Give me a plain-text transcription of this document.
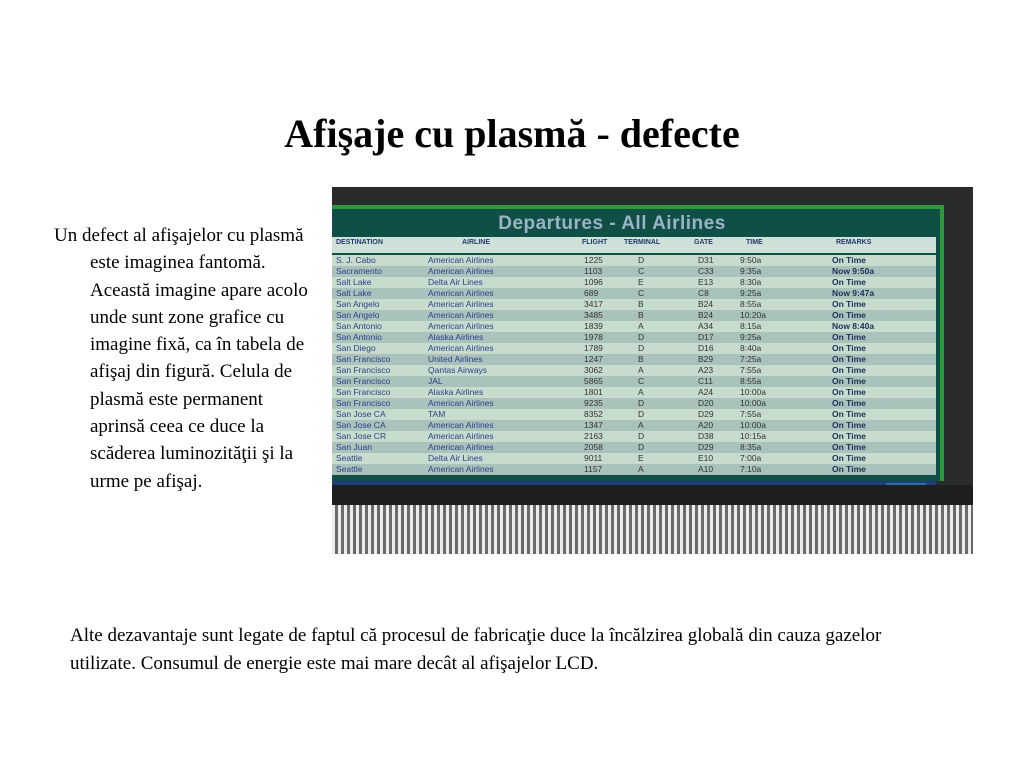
Afişaje cu plasmă - defecte
Un defect al afişajelor cu plasmă este imaginea fantomă. Această imagine apare acolo unde sunt zone grafice cu imagine fixă, ca în tabela de afişaj din figură. Celula de plasmă este permanent aprinsă ceea ce duce la scăderea luminozităţii şi la urme pe afişaj.
Departures - All Airlines
DESTINATION	AIRLINE	FLIGHT TERMINAL	GATE	TIME	REMARKS
S. J. Cabo	American Airlines	1225	D	D31	9:50a	On Time
Sacramento	American Airlines	1103	C	C33	9:35a	Now 9:50a
Salt Lake	Delta Air Lines	1096	E	E13	8:30a	On Time
Salt Lake	American Airlines	689	C	C8	9:25a	Now 9:47a
San Angelo	American Airlines	3417	B	B24	8:55a	On Time
San Angelo	American Airlines	3485	B	B24	10:20a	On Time
San Antonio	American Airlines	1839	A	A34	8:15a	Now 8:40a
San Antonio	Alaska Airlines	1978	D	D17	9:25a	On Time
San Diego	American Airlines	1789	D	D16	8:40a	On Time
San Francisco	United Airlines	1247	B	B29	7:25a	On Time
San Francisco	Qantas Airways	3062	A	A23	7:55a	On Time
San Francisco	JAL	5865	C	C11	8:55a	On Time
San Francisco	Alaska Airlines	1801	A	A24	10:00a	On Time
San Francisco	American Airlines	9235	D	D20	10:00a	On Time
San Jose CA	TAM	8352	D	D29	7:55a	On Time
San Jose CA	American Airlines	1347	A	A20	10:00a	On Time
San Jose CR	American Airlines	2163	D	D38	10:15a	On Time
San Juan	American Airlines	2058	D	D29	8:35a	On Time
Seattle	Delta Air Lines	9011	E	E10	7:00a	On Time
Seattle	American Airlines	1157	A	A10	7:10a	On Time
Alte dezavantaje sunt legate de faptul că procesul de fabricaţie duce la încălzirea globală din cauza gazelor utilizate. Consumul de energie este mai mare decât al afişajelor LCD.
